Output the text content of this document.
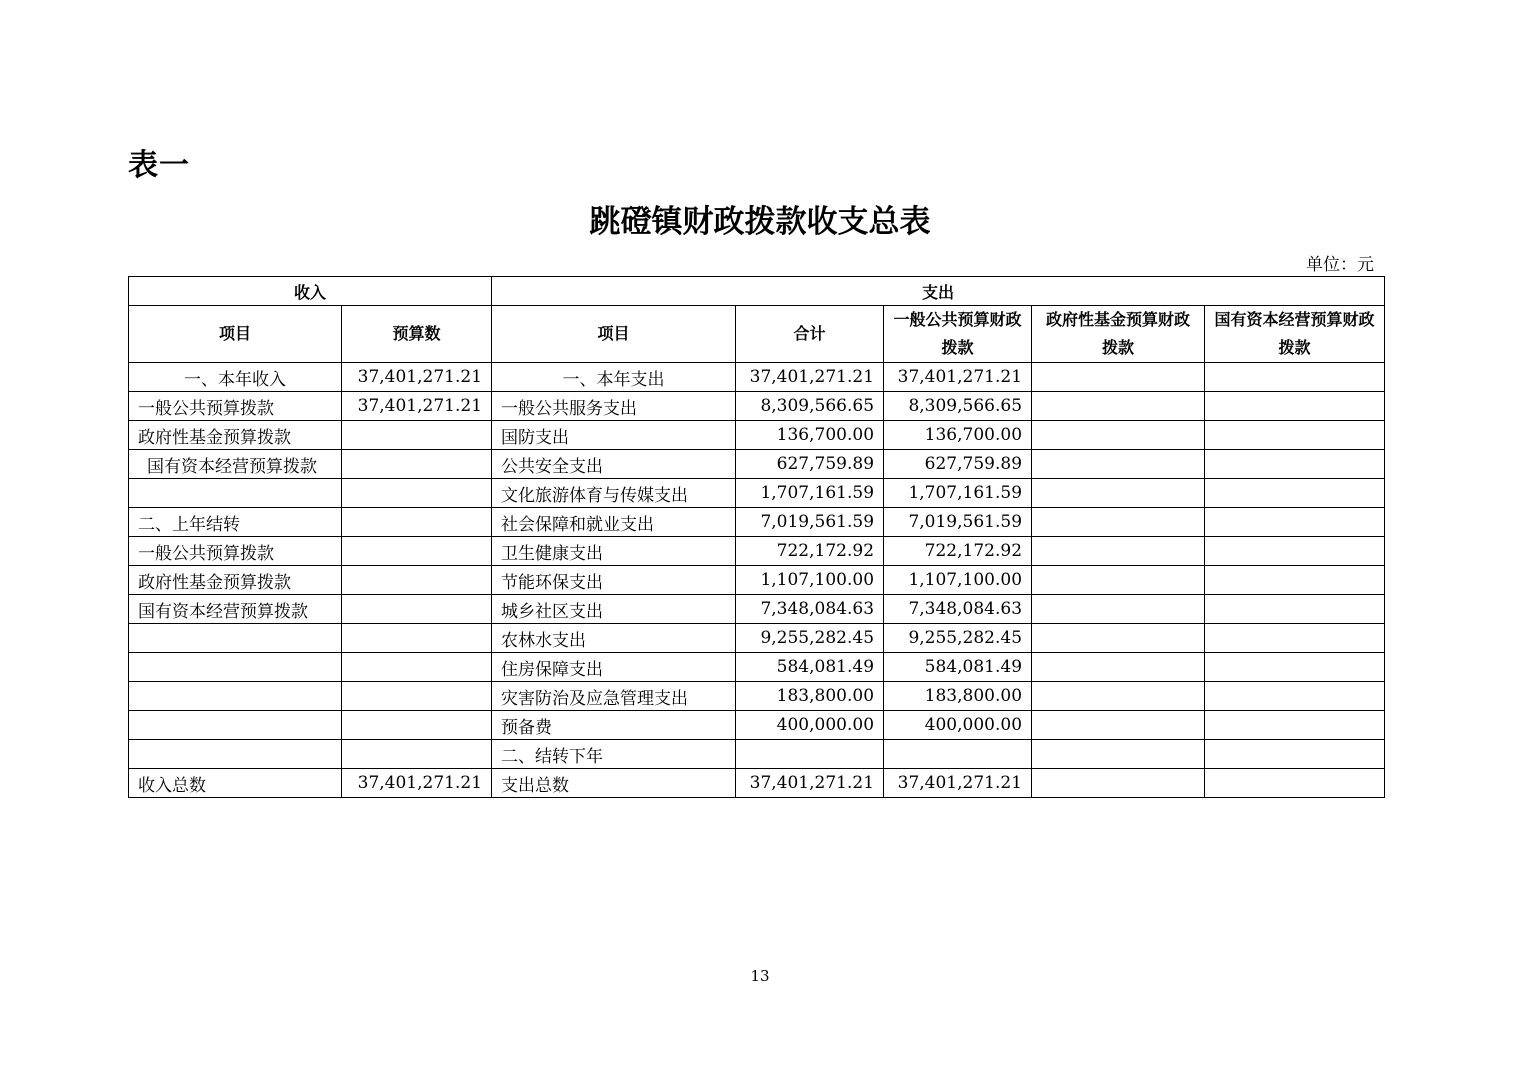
表一
跳磴镇财政拨款收支总表
单位：元
收入		支出				
项目	预算数	项目	合计	一般公共预算财政拨款	政府性基金预算财政拨款	国有资本经营预算财政拨款
一、本年收入	37,401,271.21	一、本年支出	37,401,271.21	37,401,271.21		
一般公共预算拨款	37,401,271.21	一般公共服务支出	8,309,566.65	8,309,566.65		
政府性基金预算拨款		国防支出	136,700.00	136,700.00		
国有资本经营预算拨款		公共安全支出	627,759.89	627,759.89		
		文化旅游体育与传媒支出	1,707,161.59	1,707,161.59		
二、上年结转		社会保障和就业支出	7,019,561.59	7,019,561.59		
一般公共预算拨款		卫生健康支出	722,172.92	722,172.92		
政府性基金预算拨款		节能环保支出	1,107,100.00	1,107,100.00		
国有资本经营预算拨款		城乡社区支出	7,348,084.63	7,348,084.63		
		农林水支出	9,255,282.45	9,255,282.45		
		住房保障支出	584,081.49	584,081.49		
		灾害防治及应急管理支出	183,800.00	183,800.00		
		预备费	400,000.00	400,000.00		
		二、结转下年				
收入总数	37,401,271.21	支出总数	37,401,271.21	37,401,271.21		
13
